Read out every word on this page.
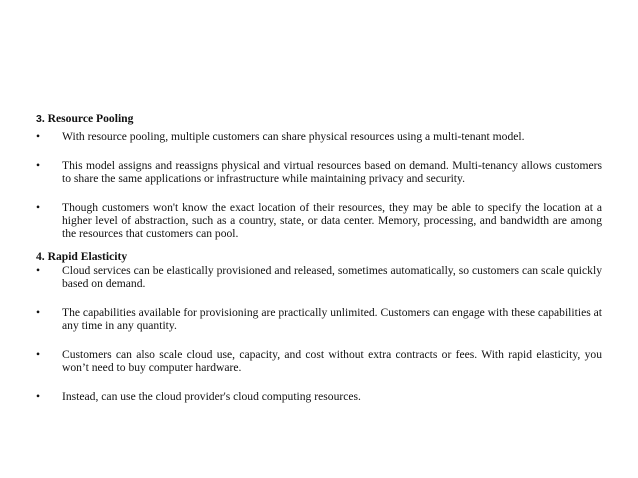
3. Resource Pooling

•	With resource pooling, multiple customers can share physical resources using a multi-tenant model.
•	This model assigns and reassigns physical and virtual resources based on demand. Multi-tenancy allows customers to share the same applications or infrastructure while maintaining privacy and security.
•	Though customers won't know the exact location of their resources, they may be able to specify the location at a higher level of abstraction, such as a country, state, or data center. Memory, processing, and bandwidth are among the resources that customers can pool.

4. Rapid Elasticity

•	Cloud services can be elastically provisioned and released, sometimes automatically, so customers can scale quickly based on demand.
•	The capabilities available for provisioning are practically unlimited. Customers can engage with these capabilities at any time in any quantity.
•	Customers can also scale cloud use, capacity, and cost without extra contracts or fees. With rapid elasticity, you won’t need to buy computer hardware.
•	Instead, can use the cloud provider's cloud computing resources.
